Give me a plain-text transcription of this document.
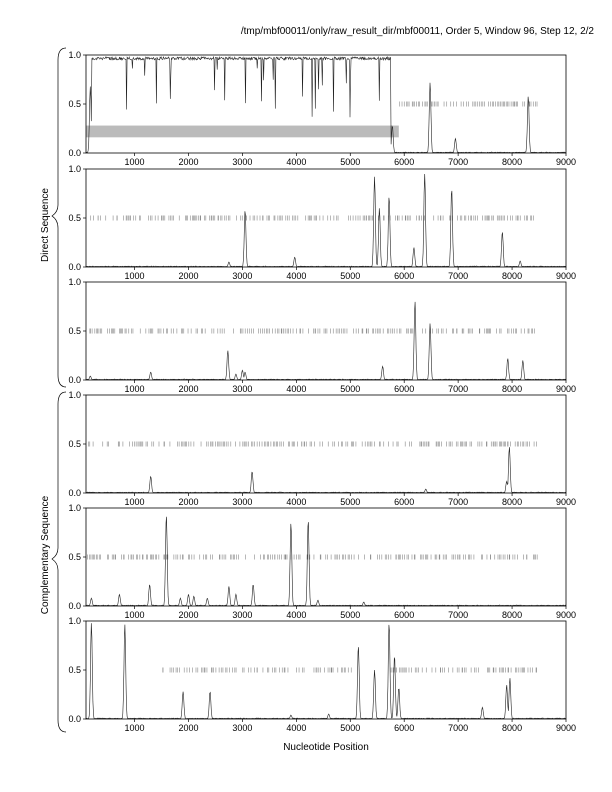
/tmp/mbf00011/only/raw_result_dir/mbf00011, Order 5, Window 96, Step 12, 2/2
0.0
0.5
1.0
1000	2000	3000	4000	5000	6000	7000	8000	9000
0.0
0.5
1.0
1000	2000	3000	4000	5000	6000	7000	8000	9000
0.0
0.5
1.0
1000	2000	3000	4000	5000	6000	7000	8000	9000
0.0
0.5
1.0
1000	2000	3000	4000	5000	6000	7000	8000	9000
0.0
0.5
1.0
1000	2000	3000	4000	5000	6000	7000	8000	9000
0.0
0.5
1.0
1000	2000	3000	4000	5000	6000	7000	8000	9000
Direct Sequence
Complementary Sequence
Nucleotide Position
